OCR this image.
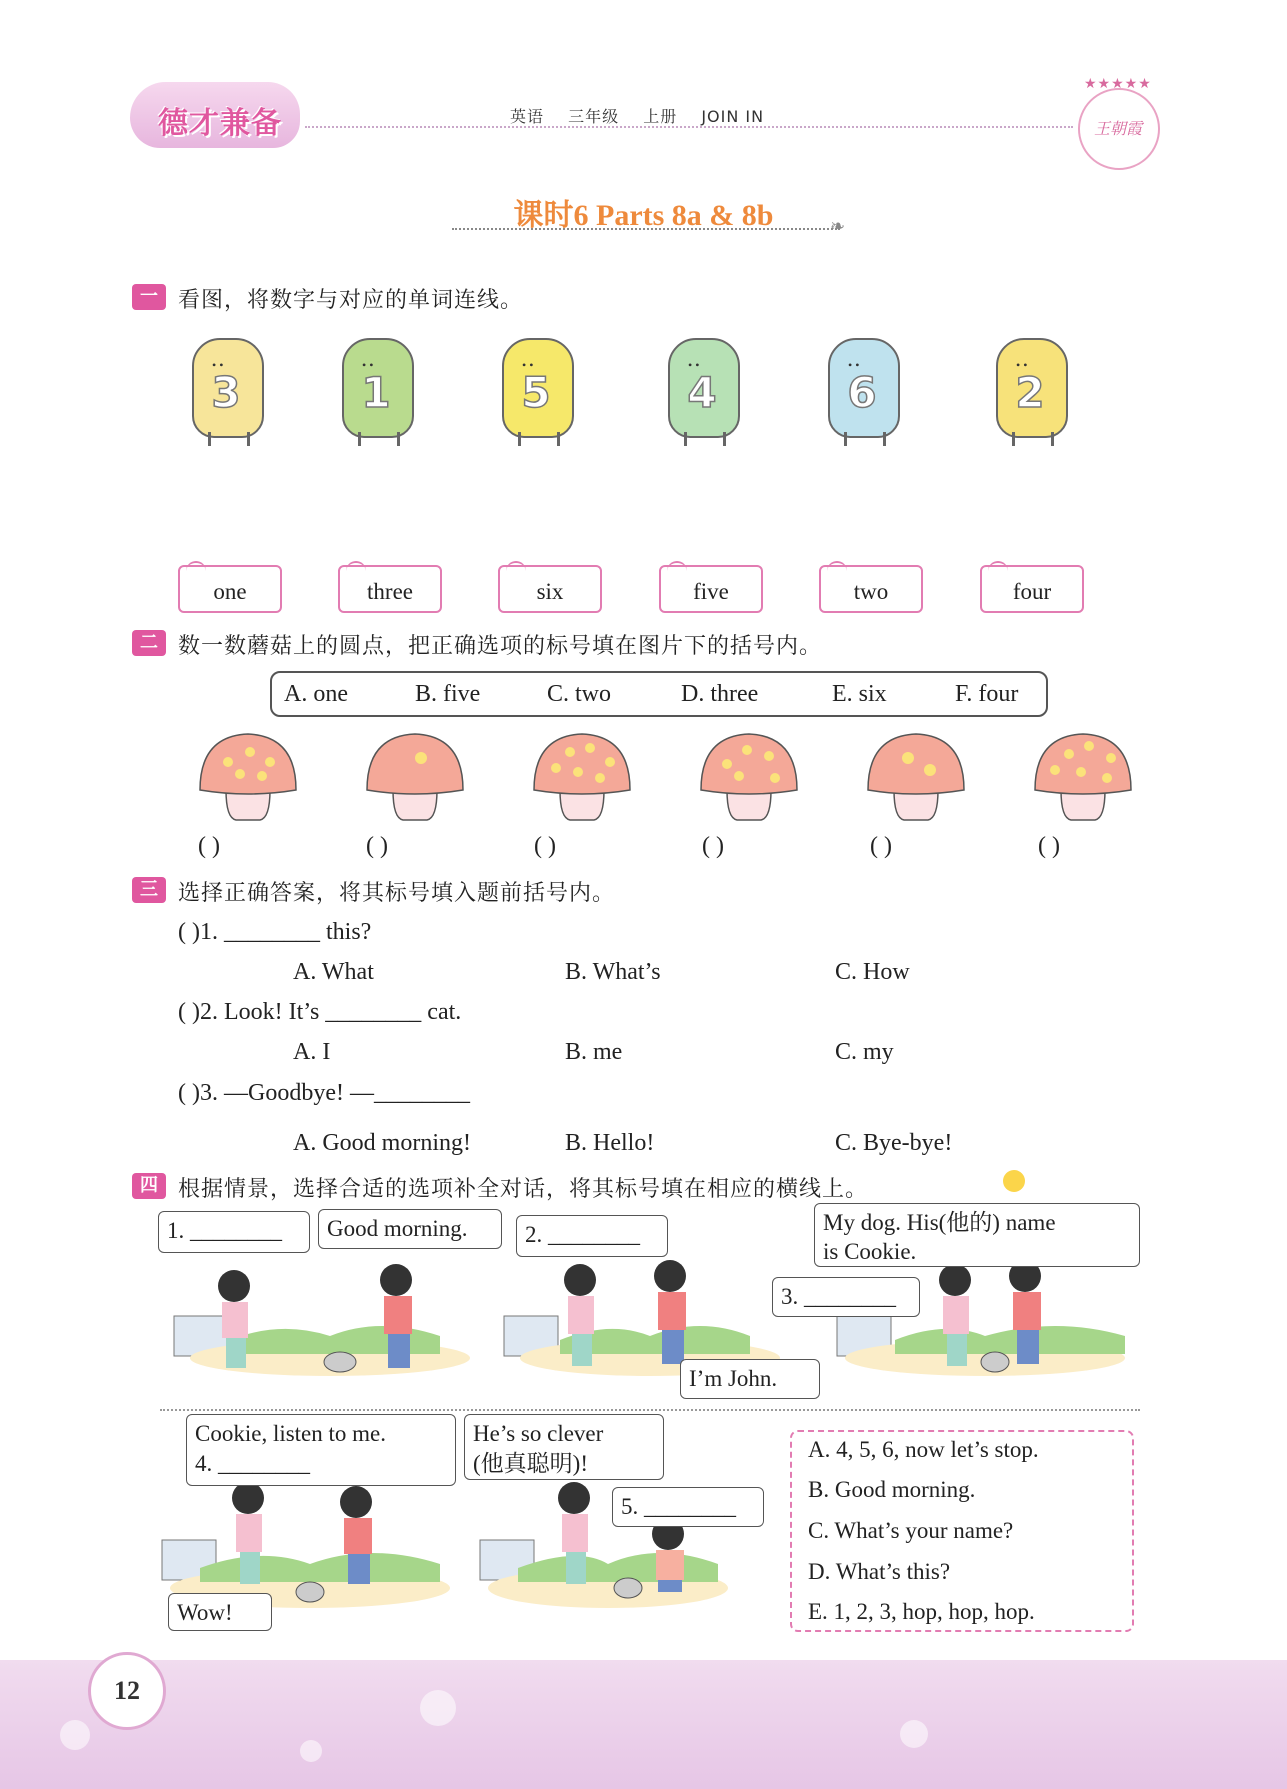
德才兼备	英语 三年级 上册 JOIN IN
★★★★★
王朝霞
课时6 Parts 8a & 8b	❧
一 看图，将数字与对应的单词连线。
• •
3
• •
1
• •
5
• •
4
• •
6
• •
2
one	three	six	five	two	four
二 数一数蘑菇上的圆点，把正确选项的标号填在图片下的括号内。
A. one	B. five	C. two	D. three	E. six	F. four
( )	( )	( )	( )	( )	( )
三 选择正确答案，将其标号填入题前括号内。
( )1. ________ this?
A. What	B. What’s	C. How
( )2. Look! It’s ________ cat.
A. I	B. me	C. my
( )3. —Goodbye! —________
A. Good morning!	B. Hello!	C. Bye-bye!
四 根据情景，选择合适的选项补全对话，将其标号填在相应的横线上。
1. ________	Good morning.	2. ________	My dog. His(他的) name
is Cookie.
3. ________
I’m John.
Cookie, listen to me.
4. ________
He’s so clever
(他真聪明)!
5. ________
Wow!
A. 4, 5, 6, now let’s stop.
B. Good morning.
C. What’s your name?
D. What’s this?
E. 1, 2, 3, hop, hop, hop.
12
